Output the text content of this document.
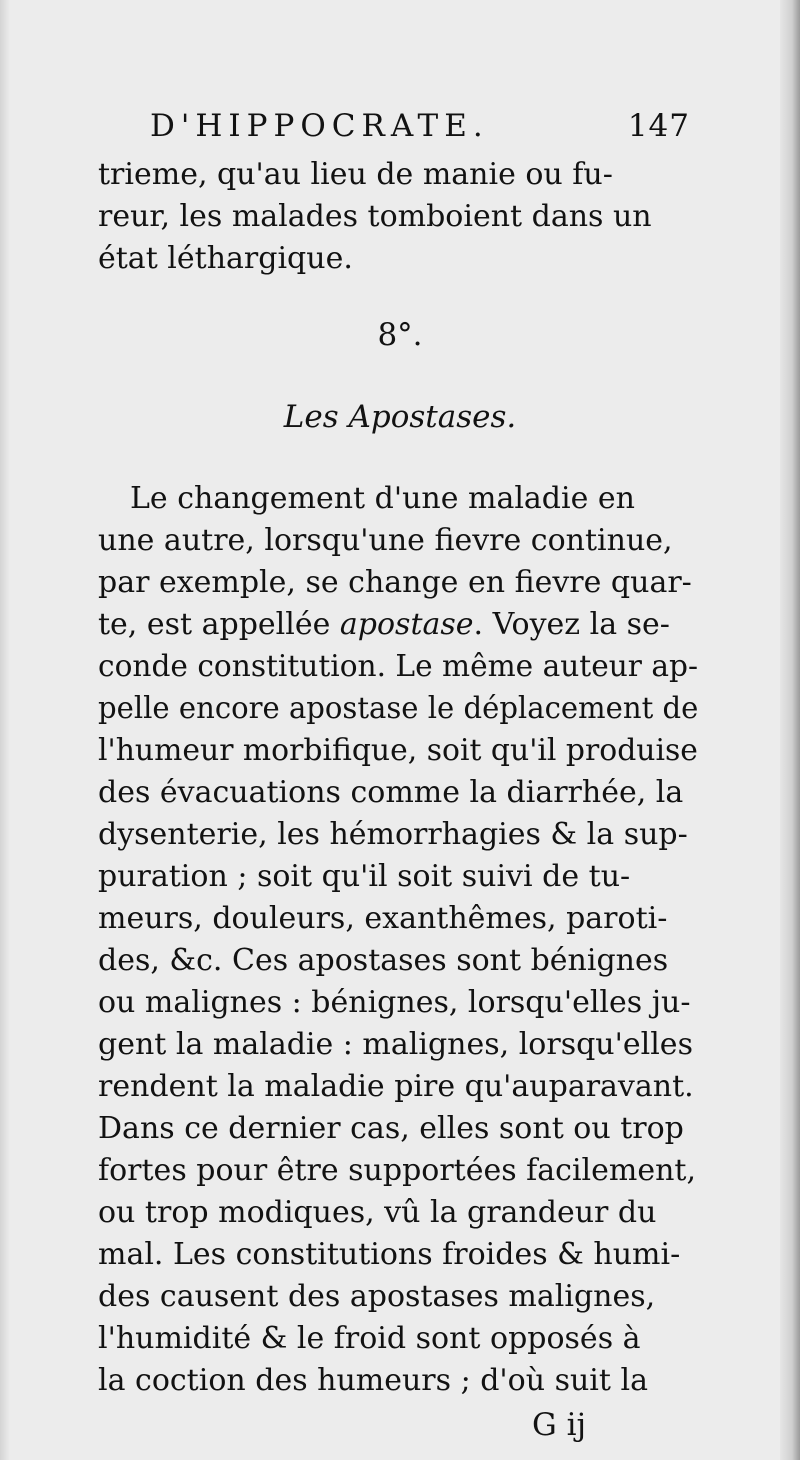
D'HIPPOCRATE.	147
trieme, qu'au lieu de manie ou fu-
reur, les malades tomboient dans un
état léthargique.
8°.
Les Apostases.
Le changement d'une maladie en
une autre, lorsqu'une fievre continue,
par exemple, se change en fievre quar-
te, est appellée apostase. Voyez la se-
conde constitution. Le même auteur ap-
pelle encore apostase le déplacement de
l'humeur morbifique, soit qu'il produise
des évacuations comme la diarrhée, la
dysenterie, les hémorrhagies & la sup-
puration ; soit qu'il soit suivi de tu-
meurs, douleurs, exanthêmes, paroti-
des, &c. Ces apostases sont bénignes
ou malignes : bénignes, lorsqu'elles ju-
gent la maladie : malignes, lorsqu'elles
rendent la maladie pire qu'auparavant.
Dans ce dernier cas, elles sont ou trop
fortes pour être supportées facilement,
ou trop modiques, vû la grandeur du
mal. Les constitutions froides & humi-
des causent des apostases malignes,
l'humidité & le froid sont opposés à
la coction des humeurs ; d'où suit la
G ij
